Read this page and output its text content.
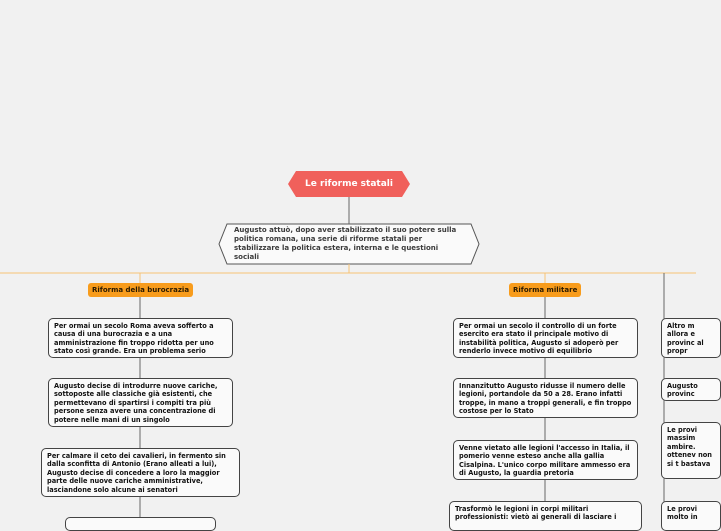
Le riforme statali
Augusto attuò, dopo aver stabilizzato il suo potere sulla politica romana, una serie di riforme statali per stabilizzare la politica estera, interna e le questioni sociali
Riforma della burocrazia	Riforma militare
Per ormai un secolo Roma aveva sofferto a causa di una burocrazia e a una amministrazione fin troppo ridotta per uno stato così grande. Era un problema serio
Augusto decise di introdurre nuove cariche, sottoposte alle classiche già esistenti, che permettevano di spartirsi i compiti tra più persone senza avere una concentrazione di potere nelle mani di un singolo
Per calmare il ceto dei cavalieri, in fermento sin dalla sconfitta di Antonio (Erano alleati a lui), Augusto decise di concedere a loro la maggior parte delle nuove cariche amministrative, lasciandone solo alcune ai senatori
Per ormai un secolo il controllo di un forte esercito era stato il principale motivo di instabilità politica, Augusto si adoperò per renderlo invece motivo di equilibrio
Innanzitutto Augusto ridusse il numero delle legioni, portandole da 50 a 28. Erano infatti troppe, in mano a troppi generali, e fin troppo costose per lo Stato
Venne vietato alle legioni l'accesso in Italia, il pomerio venne esteso anche alla gallia Cisalpina. L'unico corpo militare ammesso era di Augusto, la guardia pretoria
Trasformò le legioni in corpi militari professionisti: vietò ai generali di lasciare i
Altro m allora e provinc al propr
Augusto provinc
Le provi massim ambire. ottenev non si t bastava
Le provi molto in
